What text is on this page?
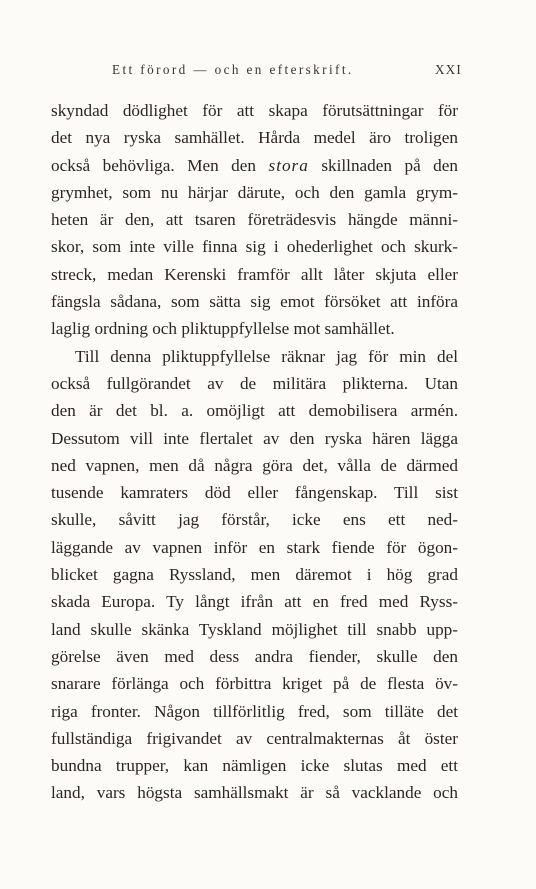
Ett förord — och en efterskrift.	XXI
skyndad dödlighet för att skapa förutsättningar för
det nya ryska samhället. Hårda medel äro troligen
också behövliga. Men den stora skillnaden på den
grymhet, som nu härjar därute, och den gamla grym-
heten är den, att tsaren företrädesvis hängde männi-
skor, som inte ville finna sig i ohederlighet och skurk-
streck, medan Kerenski framför allt låter skjuta eller
fängsla sådana, som sätta sig emot försöket att införa
laglig ordning och pliktuppfyllelse mot samhället.
Till denna pliktuppfyllelse räknar jag för min del
också fullgörandet av de militära plikterna. Utan
den är det bl. a. omöjligt att demobilisera armén.
Dessutom vill inte flertalet av den ryska hären lägga
ned vapnen, men då några göra det, vålla de därmed
tusende kamraters död eller fångenskap. Till sist
skulle, såvitt jag förstår, icke ens ett ned-
läggande av vapnen inför en stark fiende för ögon-
blicket gagna Ryssland, men däremot i hög grad
skada Europa. Ty långt ifrån att en fred med Ryss-
land skulle skänka Tyskland möjlighet till snabb upp-
görelse även med dess andra fiender, skulle den
snarare förlänga och förbittra kriget på de flesta öv-
riga fronter. Någon tillförlitlig fred, som tilläte det
fullständiga frigivandet av centralmakternas åt öster
bundna trupper, kan nämligen icke slutas med ett
land, vars högsta samhällsmakt är så vacklande och
